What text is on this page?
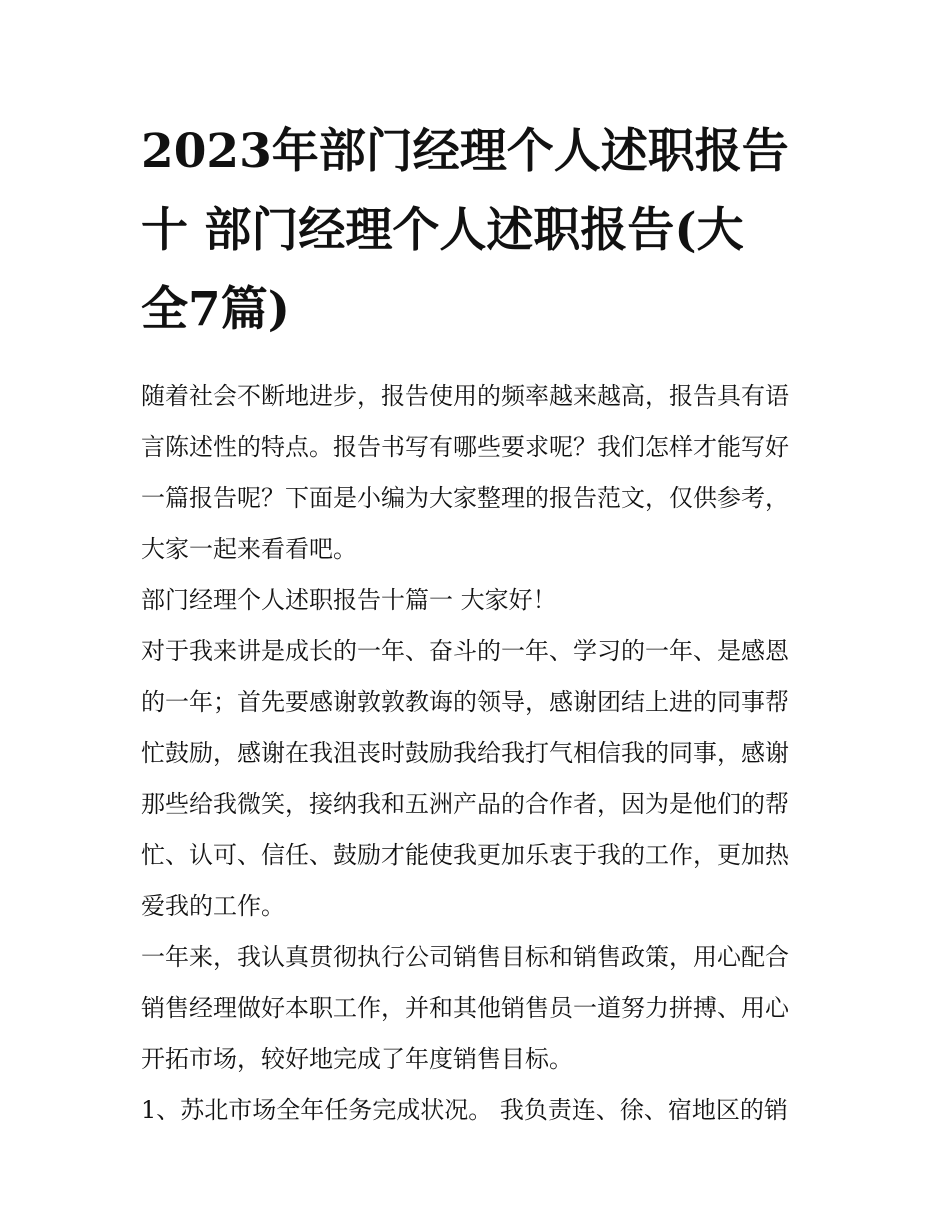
2023年部门经理个人述职报告
十 部门经理个人述职报告(大
全7篇)

随着社会不断地进步，报告使用的频率越来越高，报告具有语
言陈述性的特点。报告书写有哪些要求呢？我们怎样才能写好
一篇报告呢？下面是小编为大家整理的报告范文，仅供参考，
大家一起来看看吧。

部门经理个人述职报告十篇一 大家好！

对于我来讲是成长的一年、奋斗的一年、学习的一年、是感恩
的一年；首先要感谢敦敦教诲的领导，感谢团结上进的同事帮
忙鼓励，感谢在我沮丧时鼓励我给我打气相信我的同事，感谢
那些给我微笑，接纳我和五洲产品的合作者，因为是他们的帮
忙、认可、信任、鼓励才能使我更加乐衷于我的工作，更加热
爱我的工作。

一年来，我认真贯彻执行公司销售目标和销售政策，用心配合
销售经理做好本职工作，并和其他销售员一道努力拼搏、用心
开拓市场，较好地完成了年度销售目标。

1、苏北市场全年任务完成状况。 我负责连、徐、宿地区的销
